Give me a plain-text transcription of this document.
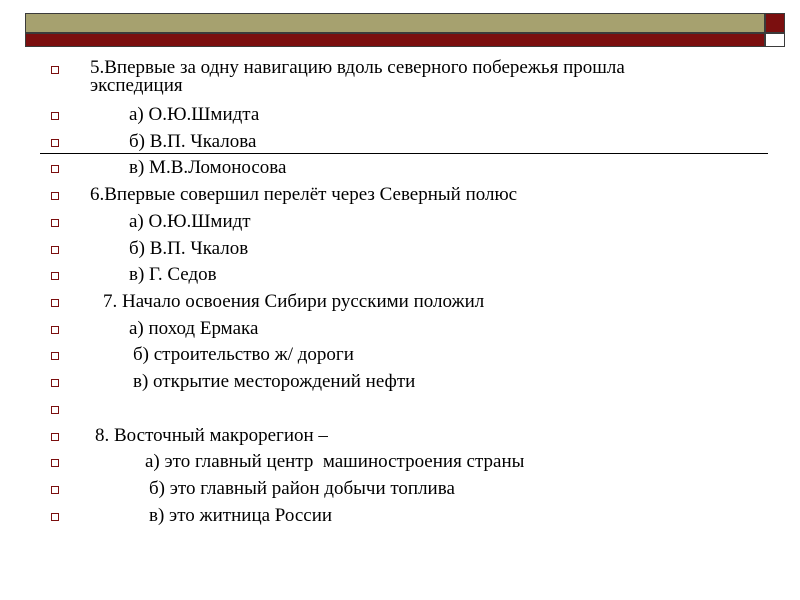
5.Впервые за одну навигацию вдоль северного побережья прошла
экспедиция
а) О.Ю.Шмидта
б) В.П. Чкалова
в) М.В.Ломоносова
6.Впервые совершил перелёт через Северный полюс
а) О.Ю.Шмидт
б) В.П. Чкалов
в) Г. Седов
7. Начало освоения Сибири русскими положил
а) поход Ермака
б) строительство ж/ дороги
в) открытие месторождений нефти
8. Восточный макрорегион –
а) это главный центр  машиностроения страны
б) это главный район добычи топлива
в) это житница России
